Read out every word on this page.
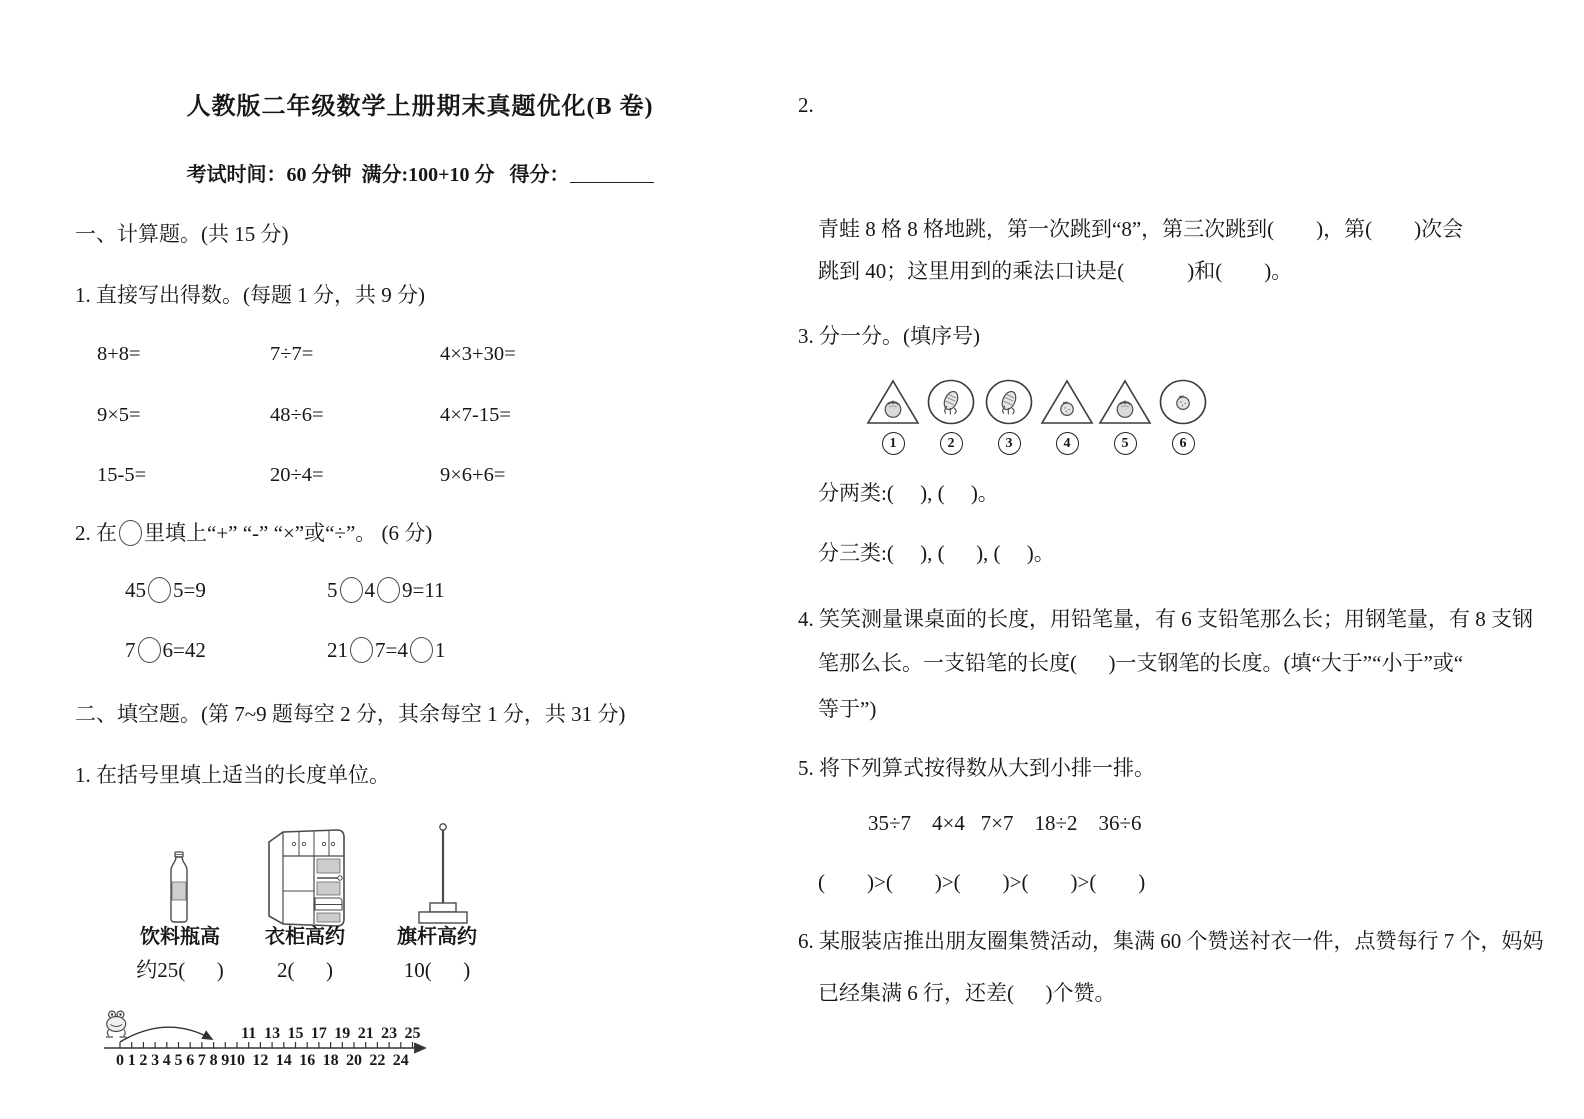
人教版二年级数学上册期末真题优化(B 卷)
考试时间：60 分钟  满分:100+10 分   得分：
一、计算题。(共 15 分)
1. 直接写出得数。(每题 1 分，共 9 分)
8+8=	7÷7=	4×3+30=
9×5=	48÷6=	4×7-15=
15-5=	20÷4=	9×6+6=
2. 在 里填上“+” “-” “×”或“÷”。 (6 分)
45 5=9	5 4 9=11
7 6=42	21 7=4 1
二、填空题。(第 7~9 题每空 2 分，其余每空 1 分，共 31 分)
1. 在括号里填上适当的长度单位。
饮料瓶高	衣柜高约	旗杆高约
约25(      )	2(      )	10(      )
0 1 2 3 4 5 6 7 8 9 10 12 14 16 18 20 22 24
11 13 15 17 19 21 23 25
2.
青蛙 8 格 8 格地跳，第一次跳到“8”，第三次跳到(        )，第(        )次会
跳到 40；这里用到的乘法口诀是(            )和(        )。
3. 分一分。(填序号)
1	2	3	4	5	6
分两类:(     ), (     )。
分三类:(     ), (      ), (     )。
4. 笑笑测量课桌面的长度，用铅笔量，有 6 支铅笔那么长；用钢笔量，有 8 支钢
笔那么长。一支铅笔的长度(      )一支钢笔的长度。(填“大于”“小于”或“
等于”)
5. 将下列算式按得数从大到小排一排。
35÷7    4×4   7×7    18÷2    36÷6
(        )>(        )>(        )>(        )>(        )
6. 某服装店推出朋友圈集赞活动，集满 60 个赞送衬衣一件，点赞每行 7 个，妈妈
已经集满 6 行，还差(      )个赞。
